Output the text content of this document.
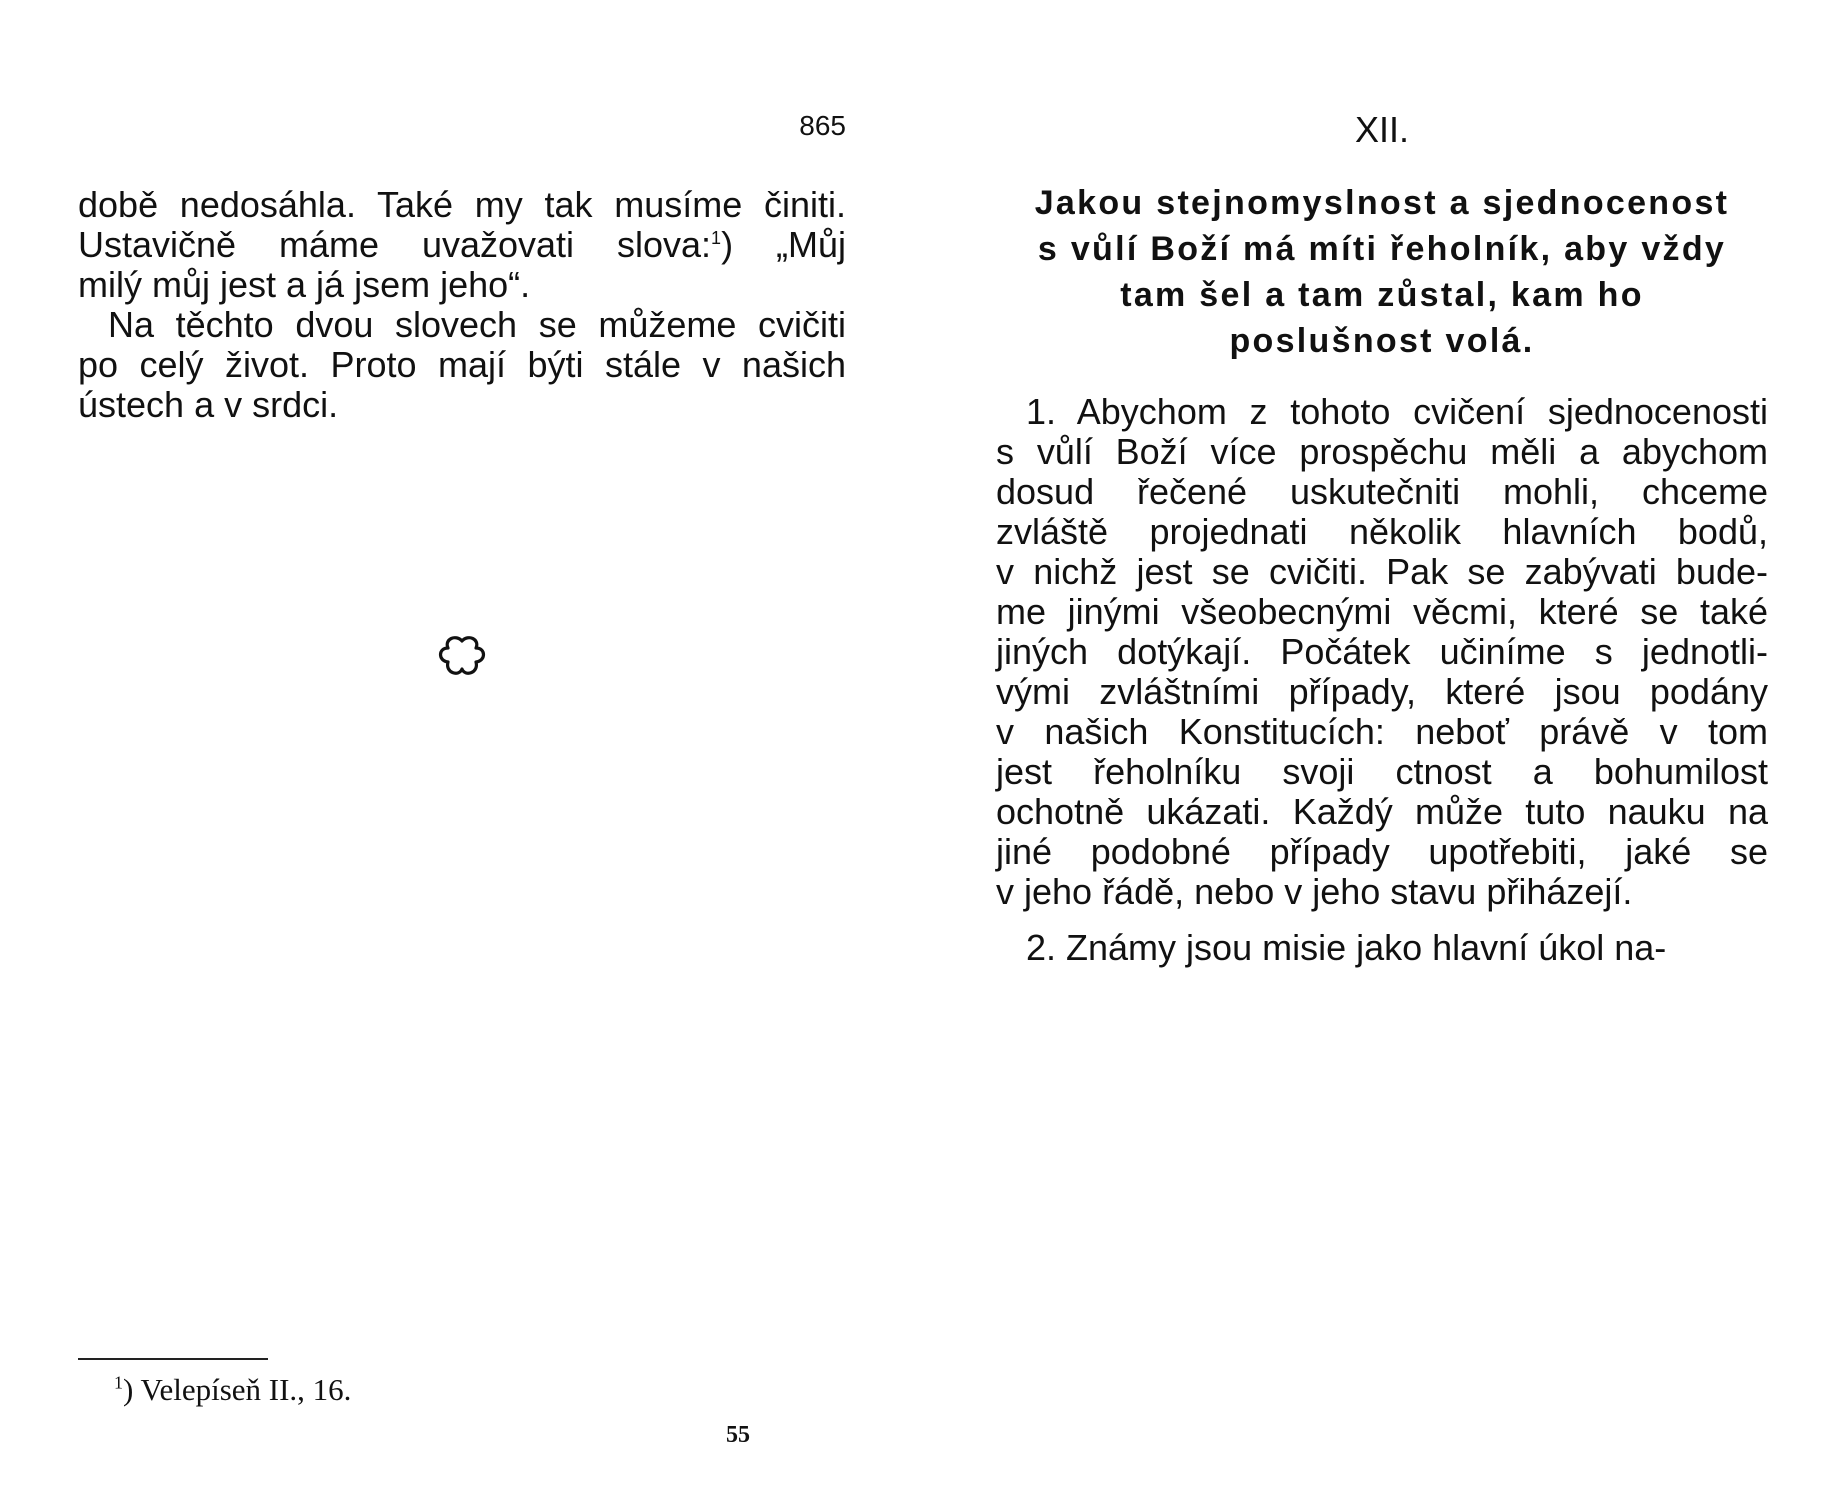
865
době nedosáhla. Také my tak musíme činiti.
Ustavičně máme uvažovati slova:$^1$) „Můj
milý můj jest a já jsem jeho“.
Na těchto dvou slovech se můžeme cvičiti
po celý život. Proto mají býti stále v našich
ústech a v srdci.
$^1$) Velepíseň II., 16.
55
XII.
Jakou stejnomyslnost a sjednocenost
s vůlí Boží má míti řeholník, aby vždy
tam šel a tam zůstal, kam ho
poslušnost volá.
1. Abychom z tohoto cvičení sjednocenosti
s vůlí Boží více prospěchu měli a abychom
dosud řečené uskutečniti mohli, chceme
zvláště projednati několik hlavních bodů,
v nichž jest se cvičiti. Pak se zabývati bude-
me jinými všeobecnými věcmi, které se také
jiných dotýkají. Počátek učiníme s jednotli-
vými zvláštními případy, které jsou podány
v našich Konstitucích: neboť právě v tom
jest řeholníku svoji ctnost a bohumilost
ochotně ukázati. Každý může tuto nauku na
jiné podobné případy upotřebiti, jaké se
v jeho řádě, nebo v jeho stavu přiházejí.
2. Známy jsou misie jako hlavní úkol na-
